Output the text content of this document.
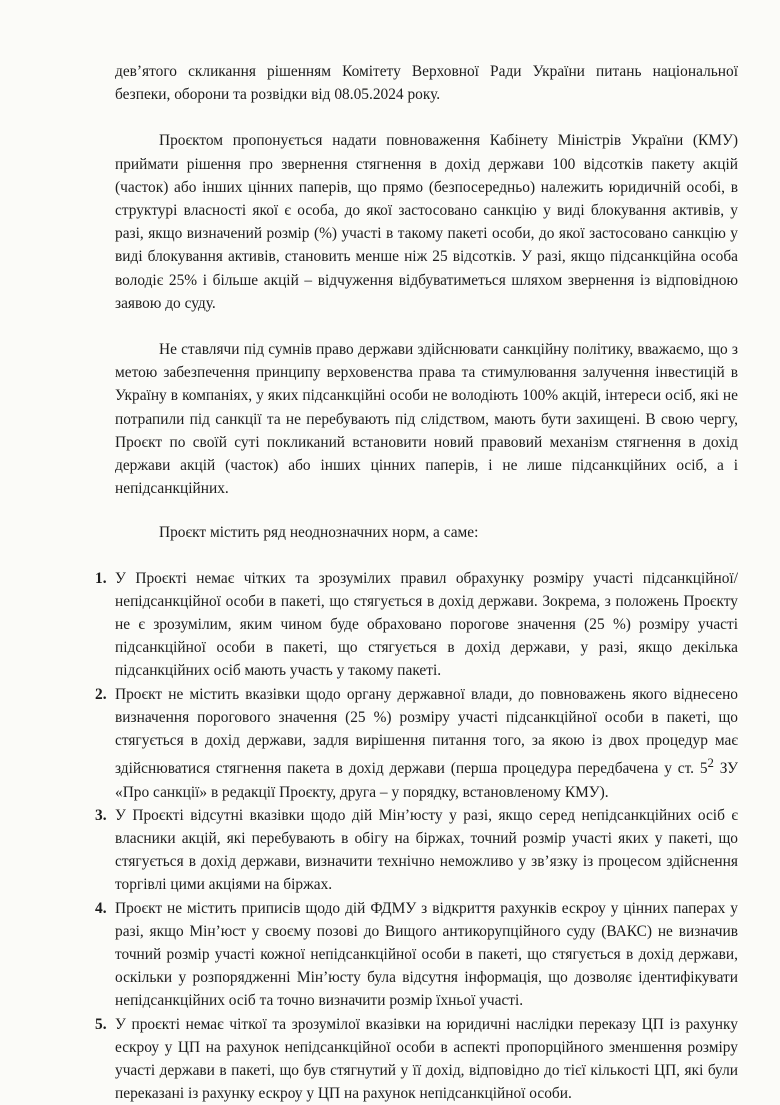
дев’ятого скликання рішенням Комітету Верховної Ради України питань національної безпеки, оборони та розвідки від 08.05.2024 року.

Проєктом пропонується надати повноваження Кабінету Міністрів України (КМУ) приймати рішення про звернення стягнення в дохід держави 100 відсотків пакету акцій (часток) або інших цінних паперів, що прямо (безпосередньо) належить юридичній особі, в структурі власності якої є особа, до якої застосовано санкцію у виді блокування активів, у разі, якщо визначений розмір (%) участі в такому пакеті особи, до якої застосовано санкцію у виді блокування активів, становить менше ніж 25 відсотків. У разі, якщо підсанкційна особа володіє 25% і більше акцій – відчуження відбуватиметься шляхом звернення із відповідною заявою до суду.

Не ставлячи під сумнів право держави здійснювати санкційну політику, вважаємо, що з метою забезпечення принципу верховенства права та стимулювання залучення інвестицій в Україну в компаніях, у яких підсанкційні особи не володіють 100% акцій, інтереси осіб, які не потрапили під санкції та не перебувають під слідством, мають бути захищені. В свою чергу, Проєкт по своїй суті покликаний встановити новий правовий механізм стягнення в дохід держави акцій (часток) або інших цінних паперів, і не лише підсанкційних осіб, а і непідсанкційних.

Проєкт містить ряд неоднозначних норм, а саме:

1. У Проєкті немає чітких та зрозумілих правил обрахунку розміру участі підсанкційної/непідсанкційної особи в пакеті, що стягується в дохід держави. Зокрема, з положень Проєкту не є зрозумілим, яким чином буде обраховано порогове значення (25 %) розміру участі підсанкційної особи в пакеті, що стягується в дохід держави, у разі, якщо декілька підсанкційних осіб мають участь у такому пакеті.
2. Проєкт не містить вказівки щодо органу державної влади, до повноважень якого віднесено визначення порогового значення (25 %) розміру участі підсанкційної особи в пакеті, що стягується в дохід держави, задля вирішення питання того, за якою із двох процедур має здійснюватися стягнення пакета в дохід держави (перша процедура передбачена у ст. $5^2$ ЗУ «Про санкції» в редакції Проєкту, друга – у порядку, встановленому КМУ).
3. У Проєкті відсутні вказівки щодо дій Мін’юсту у разі, якщо серед непідсанкційних осіб є власники акцій, які перебувають в обігу на біржах, точний розмір участі яких у пакеті, що стягується в дохід держави, визначити технічно неможливо у зв’язку із процесом здійснення торгівлі цими акціями на біржах.
4. Проєкт не містить приписів щодо дій ФДМУ з відкриття рахунків ескроу у цінних паперах у разі, якщо Мін’юст у своєму позові до Вищого антикорупційного суду (ВАКС) не визначив точний розмір участі кожної непідсанкційної особи в пакеті, що стягується в дохід держави, оскільки у розпорядженні Мін’юсту була відсутня інформація, що дозволяє ідентифікувати непідсанкційних осіб та точно визначити розмір їхньої участі.
5. У проєкті немає чіткої та зрозумілої вказівки на юридичні наслідки переказу ЦП із рахунку ескроу у ЦП на рахунок непідсанкційної особи в аспекті пропорційного зменшення розміру участі держави в пакеті, що був стягнутий у її дохід, відповідно до тієї кількості ЦП, які були переказані із рахунку ескроу у ЦП на рахунок непідсанкційної особи.
